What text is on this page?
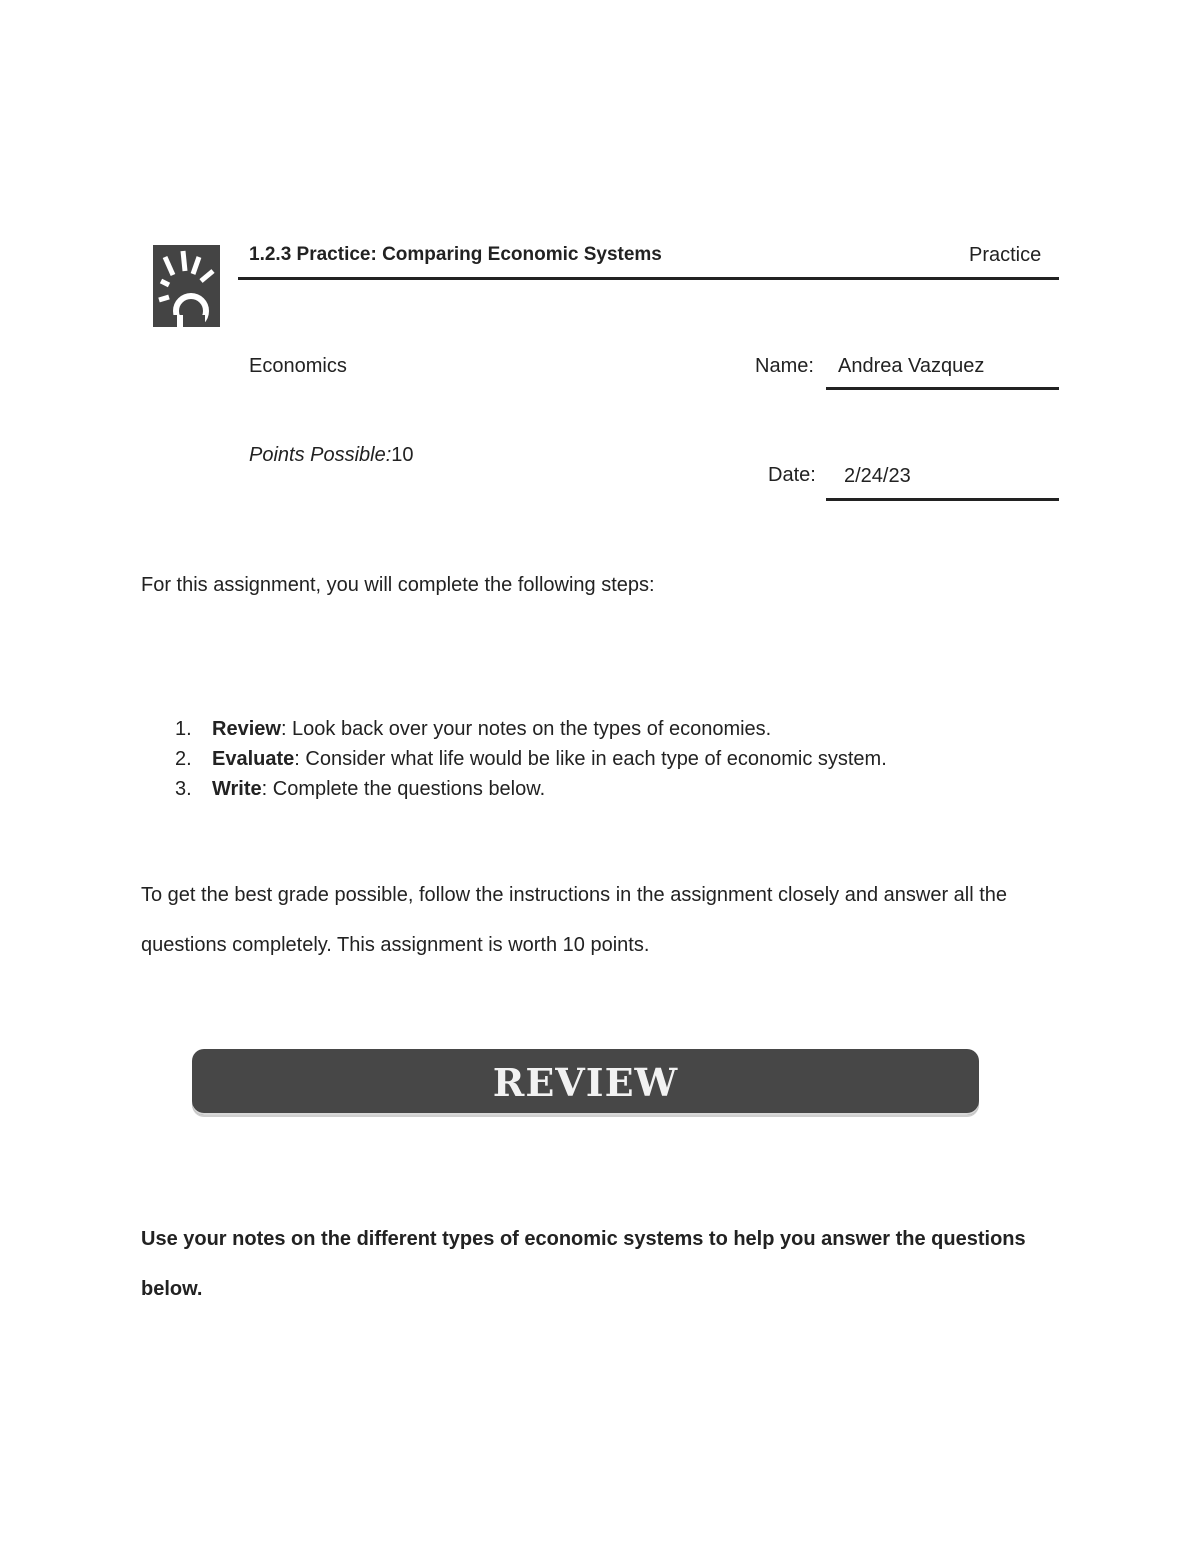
1.2.3 Practice: Comparing Economic Systems	Practice
Economics	Name: Andrea Vazquez
Points Possible:10
Date: 2/24/23
For this assignment, you will complete the following steps:
1.	Review: Look back over your notes on the types of economies.
2.	Evaluate: Consider what life would be like in each type of economic system.
3.	Write: Complete the questions below.
To get the best grade possible, follow the instructions in the assignment closely and answer all the questions completely. This assignment is worth 10 points.
REVIEW
Use your notes on the different types of economic systems to help you answer the questions below.
